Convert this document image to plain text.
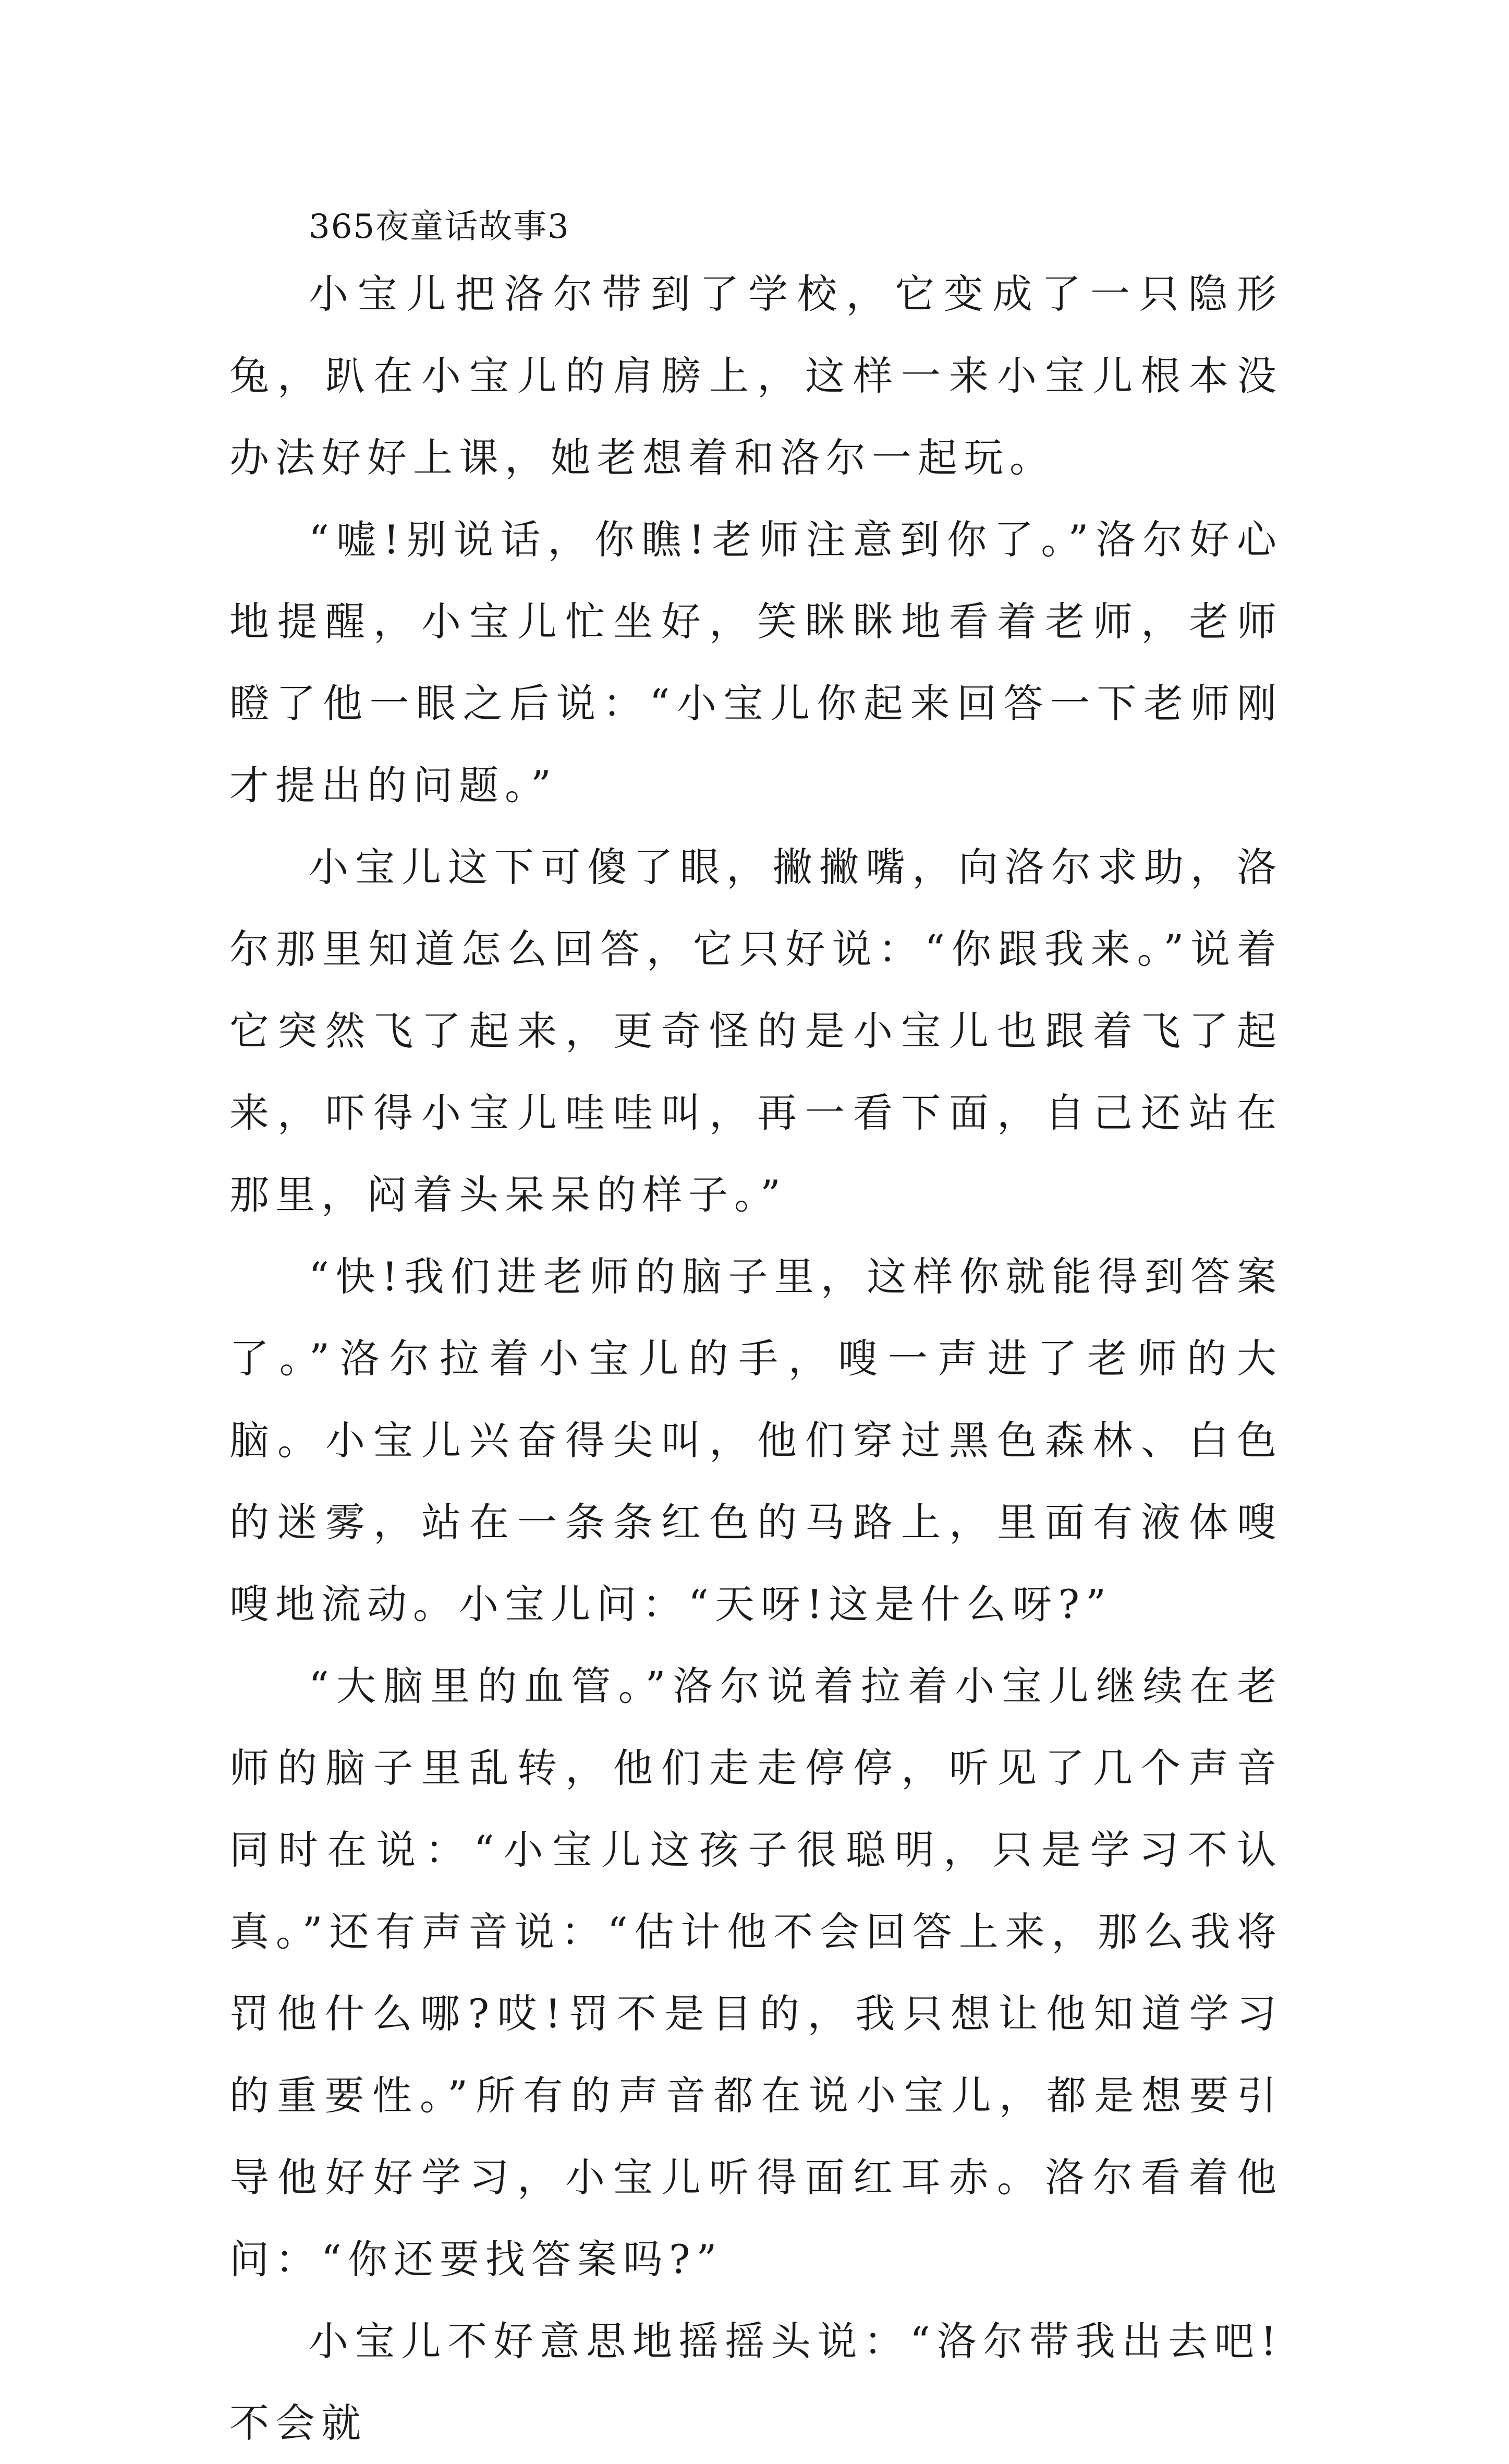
365夜童话故事3

小宝儿把洛尔带到了学校，它变成了一只隐形兔，趴在小宝儿的肩膀上，这样一来小宝儿根本没办法好好上课，她老想着和洛尔一起玩。

“嘘!别说话，你瞧!老师注意到你了。”洛尔好心地提醒，小宝儿忙坐好，笑眯眯地看着老师，老师瞪了他一眼之后说：“小宝儿你起来回答一下老师刚才提出的问题。”

小宝儿这下可傻了眼，撇撇嘴，向洛尔求助，洛尔那里知道怎么回答，它只好说：“你跟我来。”说着它突然飞了起来，更奇怪的是小宝儿也跟着飞了起来，吓得小宝儿哇哇叫，再一看下面，自己还站在那里，闷着头呆呆的样子。”

“快!我们进老师的脑子里，这样你就能得到答案了。”洛尔拉着小宝儿的手，嗖一声进了老师的大脑。小宝儿兴奋得尖叫，他们穿过黑色森林、白色的迷雾，站在一条条红色的马路上，里面有液体嗖嗖地流动。小宝儿问：“天呀!这是什么呀?”

“大脑里的血管。”洛尔说着拉着小宝儿继续在老师的脑子里乱转，他们走走停停，听见了几个声音同时在说：“小宝儿这孩子很聪明，只是学习不认真。”还有声音说：“估计他不会回答上来，那么我将罚他什么哪?哎!罚不是目的，我只想让他知道学习的重要性。”所有的声音都在说小宝儿，都是想要引导他好好学习，小宝儿听得面红耳赤。洛尔看着他问：“你还要找答案吗?”

小宝儿不好意思地摇摇头说：“洛尔带我出去吧!不会就
